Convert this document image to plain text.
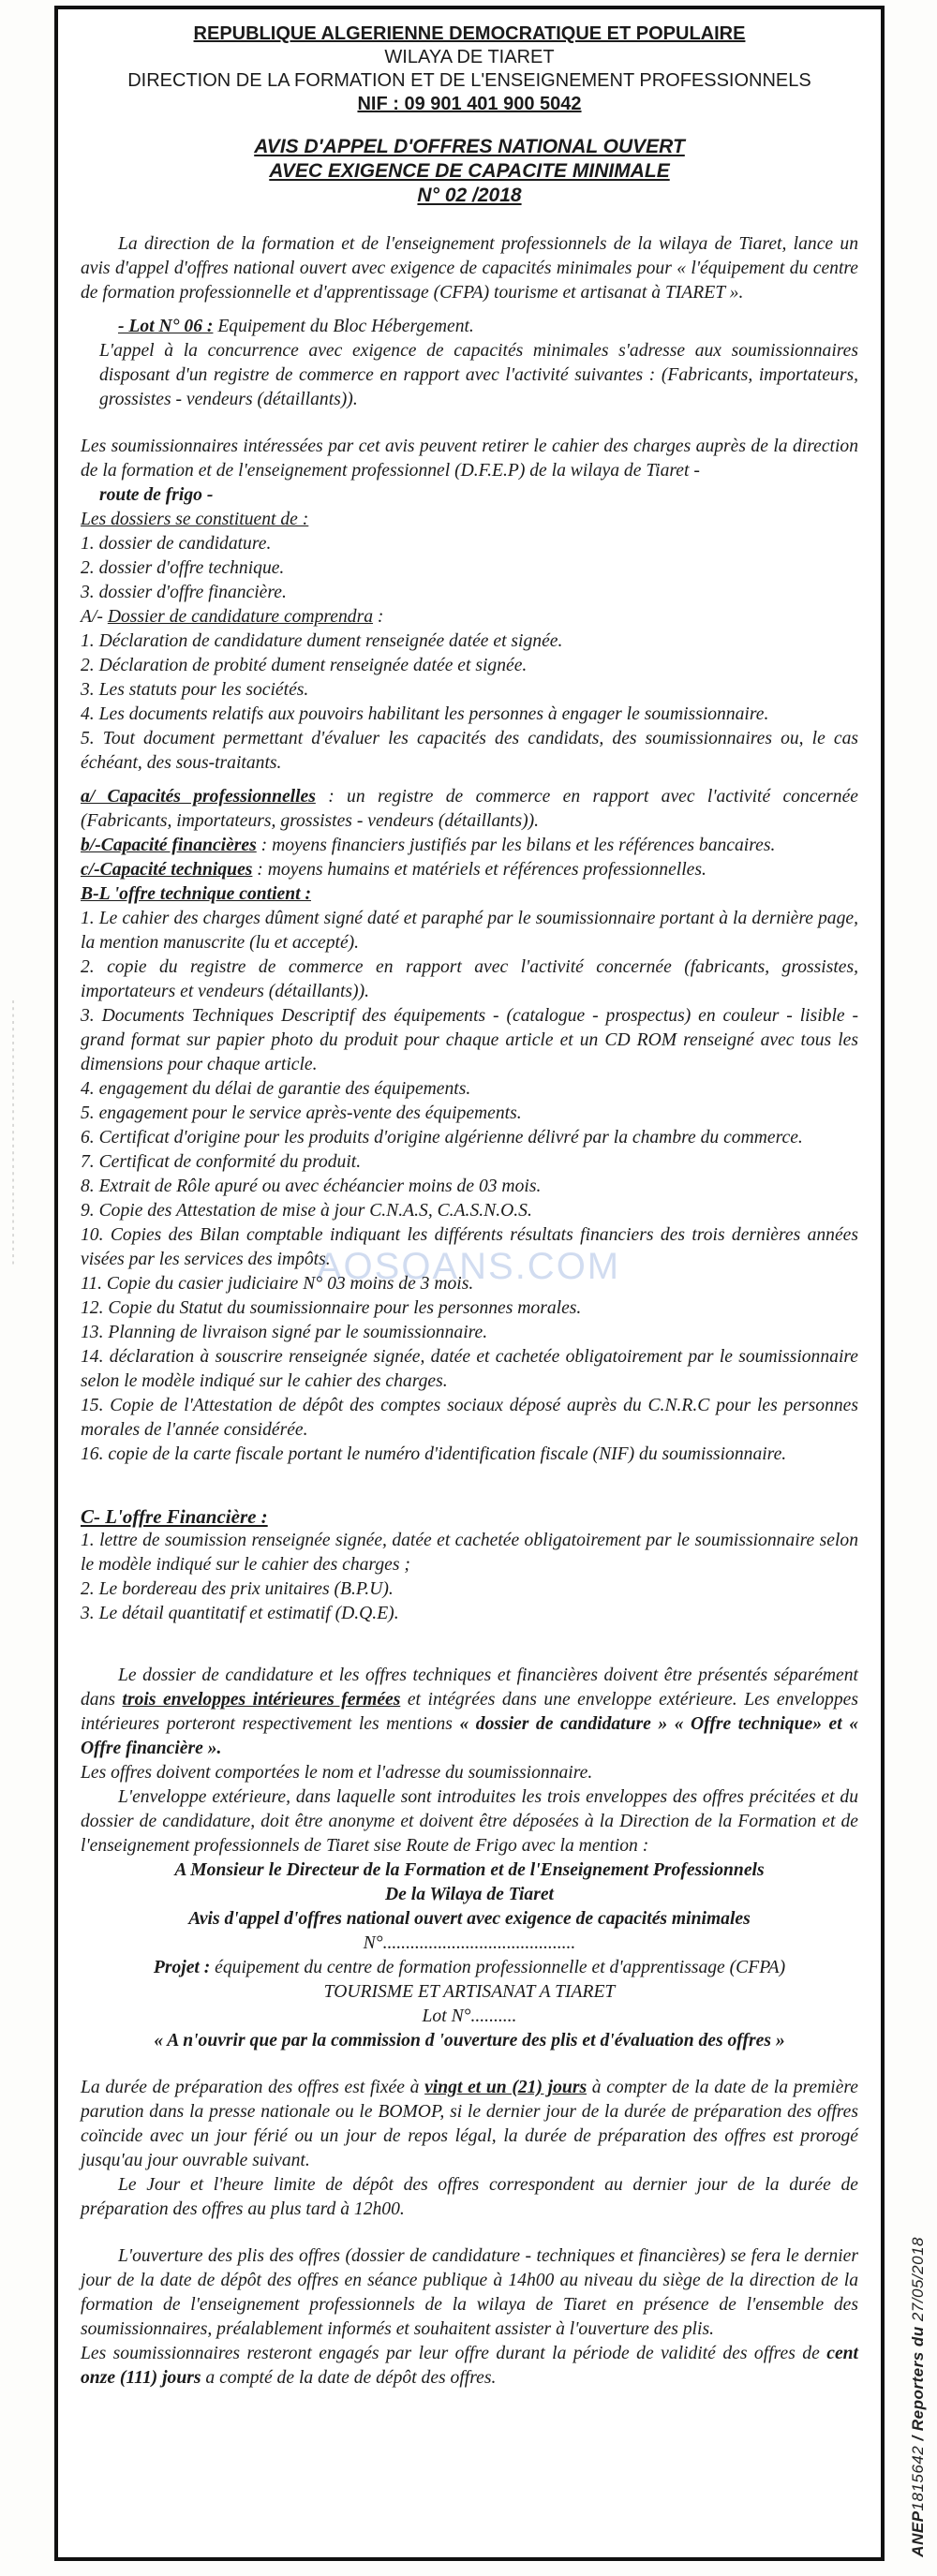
- - - - - - - - - - - - - - - - - - - - - - - - - - - - - - - - - - - - - - -
REPUBLIQUE ALGERIENNE DEMOCRATIQUE ET POPULAIRE
WILAYA DE TIARET
DIRECTION DE LA FORMATION ET DE L'ENSEIGNEMENT PROFESSIONNELS
NIF : 09 901 401 900 5042
AVIS D'APPEL D'OFFRES NATIONAL OUVERT
AVEC EXIGENCE DE CAPACITE MINIMALE
N° 02 /2018

La direction de la formation et de l'enseignement professionnels de la wilaya de Tiaret, lance un avis d'appel d'offres national ouvert avec exigence de capacités minimales pour « l'équipement du centre de formation professionnelle et d'apprentissage (CFPA) tourisme et artisanat à TIARET ».

- Lot N° 06 : Equipement du Bloc Hébergement.

L'appel à la concurrence avec exigence de capacités minimales s'adresse aux soumissionnaires disposant d'un registre de commerce en rapport avec l'activité suivantes : (Fabricants, importateurs, grossistes - vendeurs (détaillants)).

Les soumissionnaires intéressées par cet avis peuvent retirer le cahier des charges auprès de la direction de la formation et de l'enseignement professionnel (D.F.E.P) de la wilaya de Tiaret -
route de frigo -

Les dossiers se constituent de :

1. dossier de candidature.
2. dossier d'offre technique.
3. dossier d'offre financière.

A/- Dossier de candidature comprendra :

1. Déclaration de candidature dument renseignée datée et signée.
2. Déclaration de probité dument renseignée datée et signée.
3. Les statuts pour les sociétés.
4. Les documents relatifs aux pouvoirs habilitant les personnes à engager le soumissionnaire.
5. Tout document permettant d'évaluer les capacités des candidats, des soumissionnaires ou, le cas échéant, des sous-traitants.

a/ Capacités professionnelles : un registre de commerce en rapport avec l'activité concernée (Fabricants, importateurs, grossistes - vendeurs (détaillants)).

b/-Capacité financières : moyens financiers justifiés par les bilans et les références bancaires.

c/-Capacité techniques : moyens humains et matériels et références professionnelles.

B-L 'offre technique contient :

1. Le cahier des charges dûment signé daté et paraphé par le soumissionnaire portant à la dernière page, la mention manuscrite (lu et accepté).
2. copie du registre de commerce en rapport avec l'activité concernée (fabricants, grossistes, importateurs et vendeurs (détaillants)).
3. Documents Techniques Descriptif des équipements - (catalogue - prospectus) en couleur - lisible - grand format sur papier photo du produit pour chaque article et un CD ROM renseigné avec tous les dimensions pour chaque article.
4. engagement du délai de garantie des équipements.
5. engagement pour le service après-vente des équipements.
6. Certificat d'origine pour les produits d'origine algérienne délivré par la chambre du commerce.
7. Certificat de conformité du produit.
8. Extrait de Rôle apuré ou avec échéancier moins de 03 mois.
9. Copie des Attestation de mise à jour C.N.A.S, C.A.S.N.O.S.
10. Copies des Bilan comptable indiquant les différents résultats financiers des trois dernières années visées par les services des impôts.
11. Copie du casier judiciaire N° 03 moins de 3 mois.
12. Copie du Statut du soumissionnaire pour les personnes morales.
13. Planning de livraison signé par le soumissionnaire.
14. déclaration à souscrire renseignée signée, datée et cachetée obligatoirement par le soumissionnaire selon le modèle indiqué sur le cahier des charges.
15. Copie de l'Attestation de dépôt des comptes sociaux déposé auprès du C.N.R.C pour les personnes morales de l'année considérée.
16. copie de la carte fiscale portant le numéro d'identification fiscale (NIF) du soumissionnaire.

C- L'offre Financière :

1. lettre de soumission renseignée signée, datée et cachetée obligatoirement par le soumissionnaire selon le modèle indiqué sur le cahier des charges ;
2. Le bordereau des prix unitaires (B.P.U).
3. Le détail quantitatif et estimatif (D.Q.E).

Le dossier de candidature et les offres techniques et financières doivent être présentés séparément dans trois enveloppes intérieures fermées et intégrées dans une enveloppe extérieure. Les enveloppes intérieures porteront respectivement les mentions « dossier de candidature » « Offre technique» et « Offre financière ».

Les offres doivent comportées le nom et l'adresse du soumissionnaire.

L'enveloppe extérieure, dans laquelle sont introduites les trois enveloppes des offres précitées et du dossier de candidature, doit être anonyme et doivent être déposées à la Direction de la Formation et de l'enseignement professionnels de Tiaret sise Route de Frigo avec la mention :

A Monsieur le Directeur de la Formation et de l'Enseignement Professionnels

De la Wilaya de Tiaret

Avis d'appel d'offres national ouvert avec exigence de capacités minimales

N°..........................................

Projet : équipement du centre de formation professionnelle et d'apprentissage (CFPA)

TOURISME ET ARTISANAT A TIARET

Lot N°..........

« A n'ouvrir que par la commission d 'ouverture des plis et d'évaluation des offres »

La durée de préparation des offres est fixée à vingt et un (21) jours à compter de la date de la première parution dans la presse nationale ou le BOMOP, si le dernier jour de la durée de préparation des offres coïncide avec un jour férié ou un jour de repos légal, la durée de préparation des offres est prorogé jusqu'au jour ouvrable suivant.

Le Jour et l'heure limite de dépôt des offres correspondent au dernier jour de la durée de préparation des offres au plus tard à 12h00.

L'ouverture des plis des offres (dossier de candidature - techniques et financières) se fera le dernier jour de la date de dépôt des offres en séance publique à 14h00 au niveau du siège de la direction de la formation de l'enseignement professionnels de la wilaya de Tiaret en présence de l'ensemble des soumissionnaires, préalablement informés et souhaitent assister à l'ouverture des plis.

Les soumissionnaires resteront engagés par leur offre durant la période de validité des offres de cent onze (111) jours a compté de la date de dépôt des offres.

AOSOANS.COM
ANEP1815642 / Reporters du 27/05/2018
